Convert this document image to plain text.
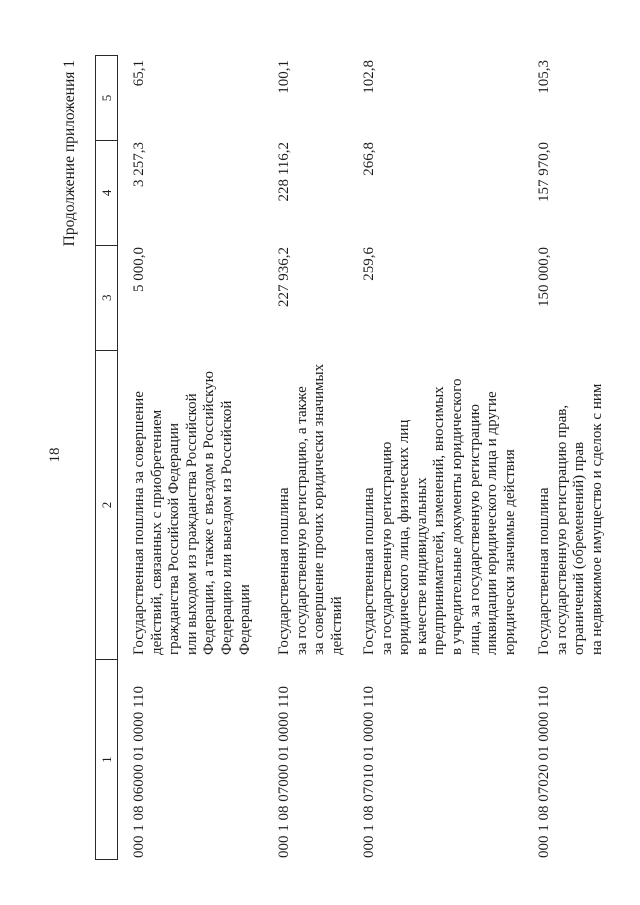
18
Продолжение приложения 1
1
2
3
4
5
000 1 08 06000 01 0000 110
Государственная пошлина за совершение
действий, связанных с приобретением
гражданства Российской Федерации
или выходом из гражданства Российской
Федерации, а также с въездом в Российскую
Федерацию или выездом из Российской
Федерации
5 000,0
3 257,3
65,1
000 1 08 07000 01 0000 110
Государственная пошлина
за государственную регистрацию, а также
за совершение прочих юридически значимых
действий
227 936,2
228 116,2
100,1
000 1 08 07010 01 0000 110
Государственная пошлина
за государственную регистрацию
юридического лица, физических лиц
в качестве индивидуальных
предпринимателей, изменений, вносимых
в учредительные документы юридического
лица, за государственную регистрацию
ликвидации юридического лица и другие
юридически значимые действия
259,6
266,8
102,8
000 1 08 07020 01 0000 110
Государственная пошлина
за государственную регистрацию прав,
ограничений (обременений) прав
на недвижимое имущество и сделок с ним
150 000,0
157 970,0
105,3
